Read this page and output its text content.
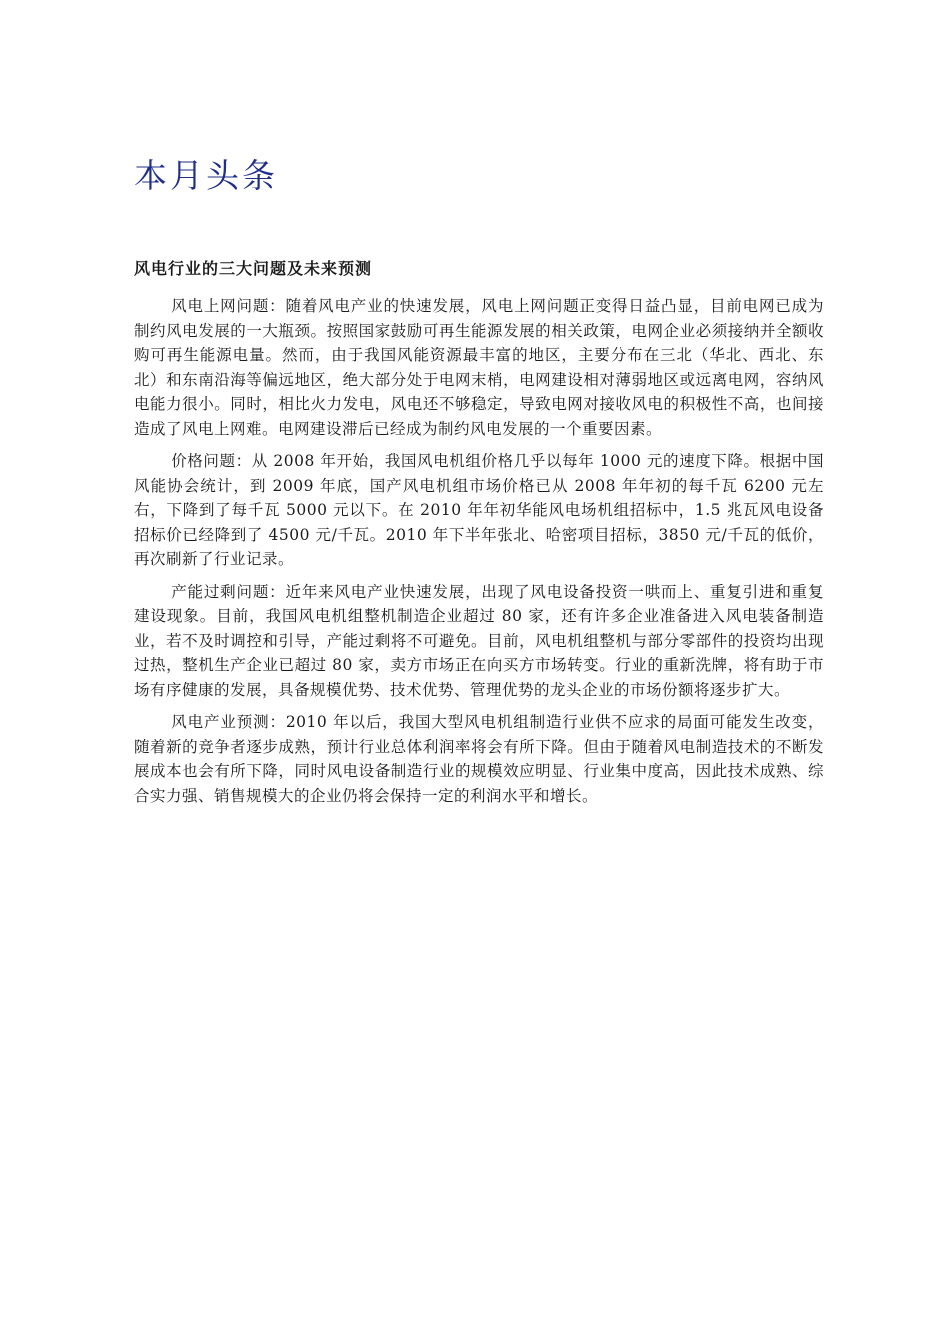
本月头条
风电行业的三大问题及未来预测

风电上网问题：随着风电产业的快速发展，风电上网问题正变得日益凸显，目前电网已成为制约风电发展的一大瓶颈。按照国家鼓励可再生能源发展的相关政策，电网企业必须接纳并全额收购可再生能源电量。然而，由于我国风能资源最丰富的地区，主要分布在三北（华北、西北、东北）和东南沿海等偏远地区，绝大部分处于电网末梢，电网建设相对薄弱地区或远离电网，容纳风电能力很小。同时，相比火力发电，风电还不够稳定，导致电网对接收风电的积极性不高，也间接造成了风电上网难。电网建设滞后已经成为制约风电发展的一个重要因素。

价格问题：从 2008 年开始，我国风电机组价格几乎以每年 1000 元的速度下降。根据中国风能协会统计，到 2009 年底，国产风电机组市场价格已从 2008 年年初的每千瓦 6200 元左右，下降到了每千瓦 5000 元以下。在 2010 年年初华能风电场机组招标中，1.5 兆瓦风电设备招标价已经降到了 4500 元/千瓦。2010 年下半年张北、哈密项目招标，3850 元/千瓦的低价，再次刷新了行业记录。

产能过剩问题：近年来风电产业快速发展，出现了风电设备投资一哄而上、重复引进和重复建设现象。目前，我国风电机组整机制造企业超过 80 家，还有许多企业准备进入风电装备制造业，若不及时调控和引导，产能过剩将不可避免。目前，风电机组整机与部分零部件的投资均出现过热，整机生产企业已超过 80 家，卖方市场正在向买方市场转变。行业的重新洗牌，将有助于市场有序健康的发展，具备规模优势、技术优势、管理优势的龙头企业的市场份额将逐步扩大。

风电产业预测：2010 年以后，我国大型风电机组制造行业供不应求的局面可能发生改变，随着新的竞争者逐步成熟，预计行业总体利润率将会有所下降。但由于随着风电制造技术的不断发展成本也会有所下降，同时风电设备制造行业的规模效应明显、行业集中度高，因此技术成熟、综合实力强、销售规模大的企业仍将会保持一定的利润水平和增长。
